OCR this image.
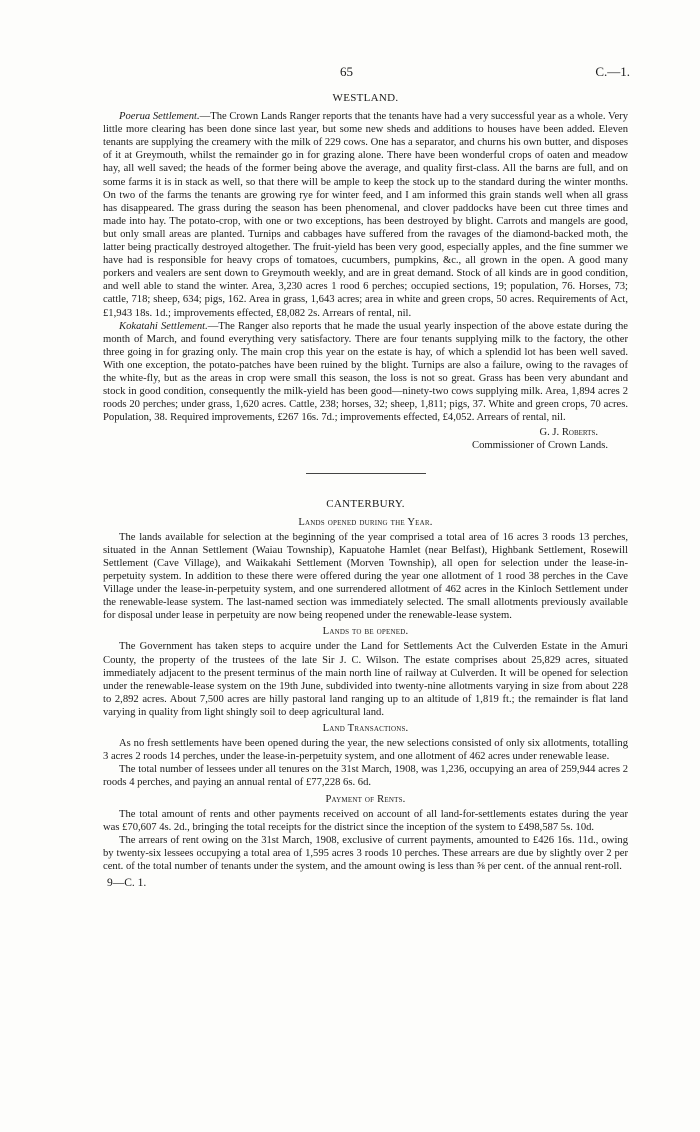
65	C.—1.
WESTLAND.

Poerua Settlement.—The Crown Lands Ranger reports that the tenants have had a very successful year as a whole. Very little more clearing has been done since last year, but some new sheds and additions to houses have been added. Eleven tenants are supplying the creamery with the milk of 229 cows. One has a separator, and churns his own butter, and disposes of it at Greymouth, whilst the remainder go in for grazing alone. There have been wonderful crops of oaten and meadow hay, all well saved; the heads of the former being above the average, and quality first-class. All the barns are full, and on some farms it is in stack as well, so that there will be ample to keep the stock up to the standard during the winter months. On two of the farms the tenants are growing rye for winter feed, and I am informed this grain stands well when all grass has disappeared. The grass during the season has been phenomenal, and clover paddocks have been cut three times and made into hay. The potato-crop, with one or two exceptions, has been destroyed by blight. Carrots and mangels are good, but only small areas are planted. Turnips and cabbages have suffered from the ravages of the diamond-backed moth, the latter being practically destroyed altogether. The fruit-yield has been very good, especially apples, and the fine summer we have had is responsible for heavy crops of tomatoes, cucumbers, pumpkins, &c., all grown in the open. A good many porkers and vealers are sent down to Greymouth weekly, and are in great demand. Stock of all kinds are in good condition, and well able to stand the winter. Area, 3,230 acres 1 rood 6 perches; occupied sections, 19; population, 76. Horses, 73; cattle, 718; sheep, 634; pigs, 162. Area in grass, 1,643 acres; area in white and green crops, 50 acres. Requirements of Act, £1,943 18s. 1d.; improvements effected, £8,082 2s. Arrears of rental, nil.

Kokatahi Settlement.—The Ranger also reports that he made the usual yearly inspection of the above estate during the month of March, and found everything very satisfactory. There are four tenants supplying milk to the factory, the other three going in for grazing only. The main crop this year on the estate is hay, of which a splendid lot has been well saved. With one exception, the potato-patches have been ruined by the blight. Turnips are also a failure, owing to the ravages of the white-fly, but as the areas in crop were small this season, the loss is not so great. Grass has been very abundant and stock in good condition, consequently the milk-yield has been good—ninety-two cows supplying milk. Area, 1,894 acres 2 roods 20 perches; under grass, 1,620 acres. Cattle, 238; horses, 32; sheep, 1,811; pigs, 37. White and green crops, 70 acres. Population, 38. Required improvements, £267 16s. 7d.; improvements effected, £4,052. Arrears of rental, nil.

G. J. Roberts.
Commissioner of Crown Lands.
CANTERBURY.
Lands opened during the Year.

The lands available for selection at the beginning of the year comprised a total area of 16 acres 3 roods 13 perches, situated in the Annan Settlement (Waiau Township), Kapuatohe Hamlet (near Belfast), Highbank Settlement, Rosewill Settlement (Cave Village), and Waikakahi Settlement (Morven Township), all open for selection under the lease-in-perpetuity system. In addition to these there were offered during the year one allotment of 1 rood 38 perches in the Cave Village under the lease-in-perpetuity system, and one surrendered allotment of 462 acres in the Kinloch Settlement under the renewable-lease system. The last-named section was immediately selected. The small allotments previously available for disposal under lease in perpetuity are now being reopened under the renewable-lease system.

Lands to be opened.

The Government has taken steps to acquire under the Land for Settlements Act the Culverden Estate in the Amuri County, the property of the trustees of the late Sir J. C. Wilson. The estate comprises about 25,829 acres, situated immediately adjacent to the present terminus of the main north line of railway at Culverden. It will be opened for selection under the renewable-lease system on the 19th June, subdivided into twenty-nine allotments varying in size from about 228 to 2,892 acres. About 7,500 acres are hilly pastoral land ranging up to an altitude of 1,819 ft.; the remainder is flat land varying in quality from light shingly soil to deep agricultural land.

Land Transactions.

As no fresh settlements have been opened during the year, the new selections consisted of only six allotments, totalling 3 acres 2 roods 14 perches, under the lease-in-perpetuity system, and one allotment of 462 acres under renewable lease.

The total number of lessees under all tenures on the 31st March, 1908, was 1,236, occupying an area of 259,944 acres 2 roods 4 perches, and paying an annual rental of £77,228 6s. 6d.

Payment of Rents.

The total amount of rents and other payments received on account of all land-for-settlements estates during the year was £70,607 4s. 2d., bringing the total receipts for the district since the inception of the system to £498,587 5s. 10d.

The arrears of rent owing on the 31st March, 1908, exclusive of current payments, amounted to £426 16s. 11d., owing by twenty-six lessees occupying a total area of 1,595 acres 3 roods 10 perches. These arrears are due by slightly over 2 per cent. of the total number of tenants under the system, and the amount owing is less than ⅝ per cent. of the annual rent-roll.

9—C. 1.
